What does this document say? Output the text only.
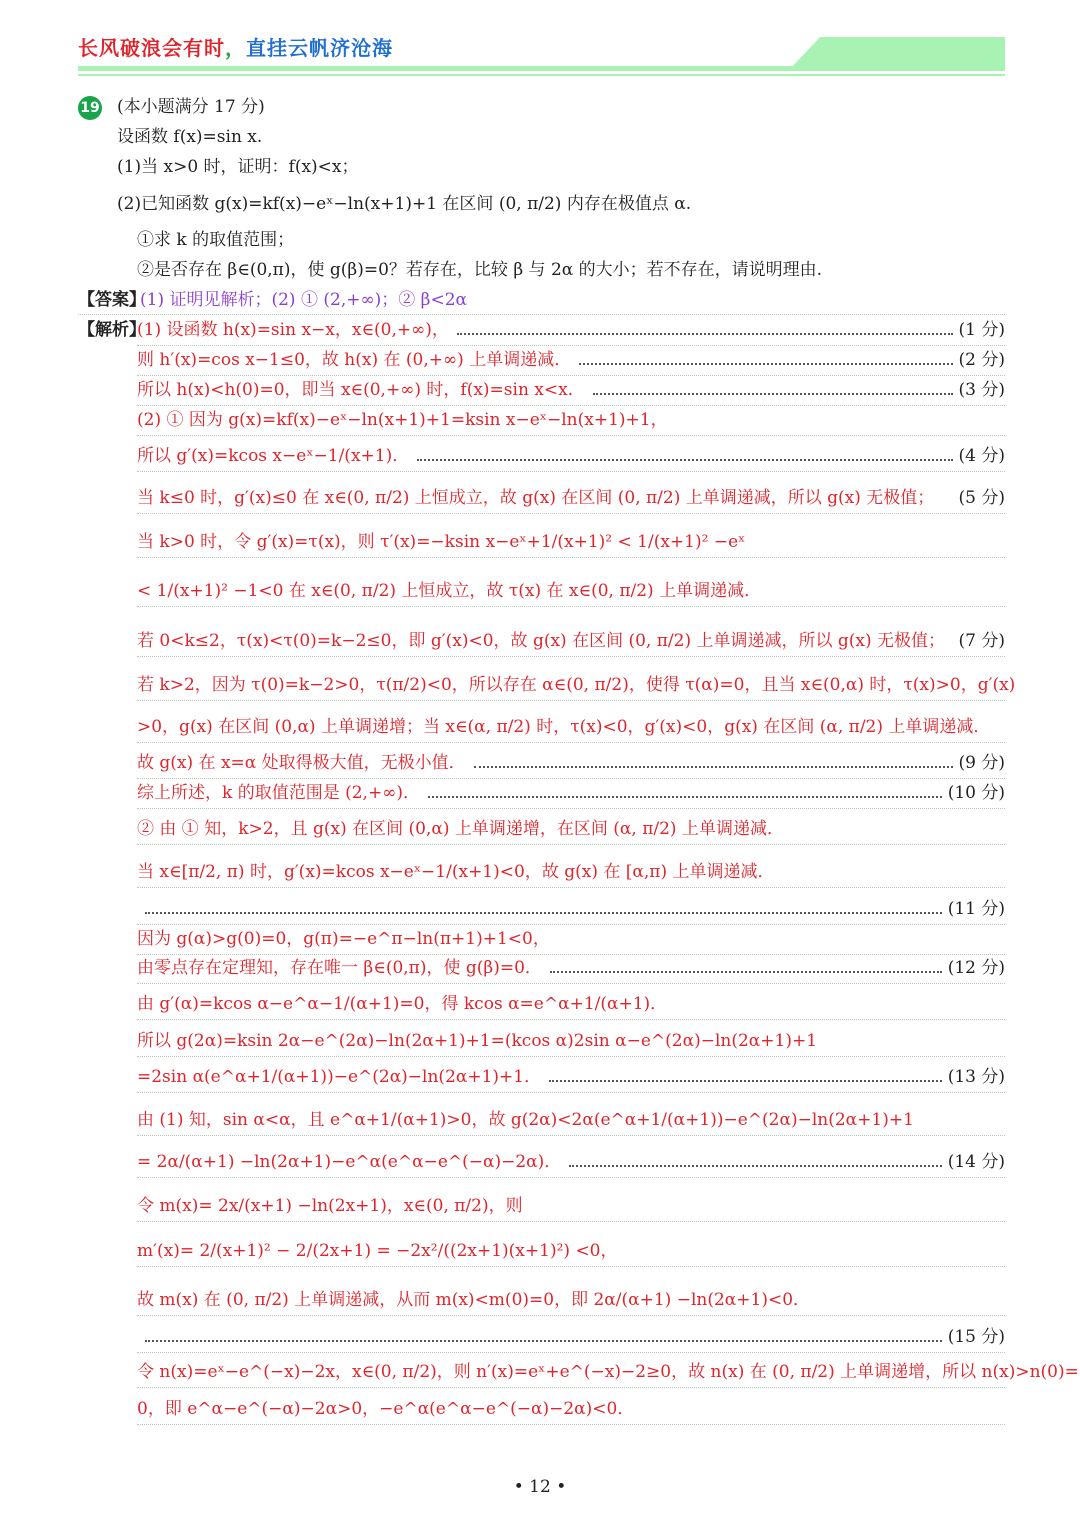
长风破浪会有时，直挂云帆济沧海
19 (本小题满分 17 分)
设函数 f(x)=sin x.
(1)当 x>0 时，证明：f(x)<x；
(2)已知函数 g(x)=kf(x)−eˣ−ln(x+1)+1 在区间 (0, π/2) 内存在极值点 α.
①求 k 的取值范围；
②是否存在 β∈(0,π)，使 g(β)=0？若存在，比较 β 与 2α 的大小；若不存在，请说明理由.
【答案】
(1) 证明见解析；(2) ① (2,+∞)；② β<2α
【解析】
(1) 设函数 h(x)=sin x−x，x∈(0,+∞)，	(1 分)
则 h′(x)=cos x−1≤0，故 h(x) 在 (0,+∞) 上单调递减．	(2 分)
所以 h(x)<h(0)=0，即当 x∈(0,+∞) 时，f(x)=sin x<x．	(3 分)
(2) ① 因为 g(x)=kf(x)−eˣ−ln(x+1)+1=ksin x−eˣ−ln(x+1)+1，
所以 g′(x)=kcos x−eˣ−1/(x+1)．	(4 分)
当 k≤0 时，g′(x)≤0 在 x∈(0, π/2) 上恒成立，故 g(x) 在区间 (0, π/2) 上单调递减，所以 g(x) 无极值； (5 分)
当 k>0 时，令 g′(x)=τ(x)，则 τ′(x)=−ksin x−eˣ+1/(x+1)² < 1/(x+1)² −eˣ
< 1/(x+1)² −1<0 在 x∈(0, π/2) 上恒成立，故 τ(x) 在 x∈(0, π/2) 上单调递减．
若 0<k≤2，τ(x)<τ(0)=k−2≤0，即 g′(x)<0，故 g(x) 在区间 (0, π/2) 上单调递减，所以 g(x) 无极值； (7 分)
若 k>2，因为 τ(0)=k−2>0，τ(π/2)<0，所以存在 α∈(0, π/2)，使得 τ(α)=0，且当 x∈(0,α) 时，τ(x)>0，g′(x)
>0，g(x) 在区间 (0,α) 上单调递增；当 x∈(α, π/2) 时，τ(x)<0，g′(x)<0，g(x) 在区间 (α, π/2) 上单调递减．
故 g(x) 在 x=α 处取得极大值，无极小值．	(9 分)
综上所述，k 的取值范围是 (2,+∞)．	(10 分)
② 由 ① 知，k>2，且 g(x) 在区间 (0,α) 上单调递增，在区间 (α, π/2) 上单调递减．
当 x∈[π/2, π) 时，g′(x)=kcos x−eˣ−1/(x+1)<0，故 g(x) 在 [α,π) 上单调递减．
(11 分)
因为 g(α)>g(0)=0，g(π)=−e^π−ln(π+1)+1<0，
由零点存在定理知，存在唯一 β∈(0,π)，使 g(β)=0．	(12 分)
由 g′(α)=kcos α−e^α−1/(α+1)=0，得 kcos α=e^α+1/(α+1)．
所以 g(2α)=ksin 2α−e^(2α)−ln(2α+1)+1=(kcos α)2sin α−e^(2α)−ln(2α+1)+1
=2sin α(e^α+1/(α+1))−e^(2α)−ln(2α+1)+1．	(13 分)
由 (1) 知，sin α<α，且 e^α+1/(α+1)>0，故 g(2α)<2α(e^α+1/(α+1))−e^(2α)−ln(2α+1)+1
= 2α/(α+1) −ln(2α+1)−e^α(e^α−e^(−α)−2α)．	(14 分)
令 m(x)= 2x/(x+1) −ln(2x+1)，x∈(0, π/2)，则
m′(x)= 2/(x+1)² − 2/(2x+1) = −2x²/((2x+1)(x+1)²) <0，
故 m(x) 在 (0, π/2) 上单调递减，从而 m(x)<m(0)=0，即 2α/(α+1) −ln(2α+1)<0．
(15 分)
令 n(x)=eˣ−e^(−x)−2x，x∈(0, π/2)，则 n′(x)=eˣ+e^(−x)−2≥0，故 n(x) 在 (0, π/2) 上单调递增，所以 n(x)>n(0)=
0，即 e^α−e^(−α)−2α>0，−e^α(e^α−e^(−α)−2α)<0．
• 12 •
